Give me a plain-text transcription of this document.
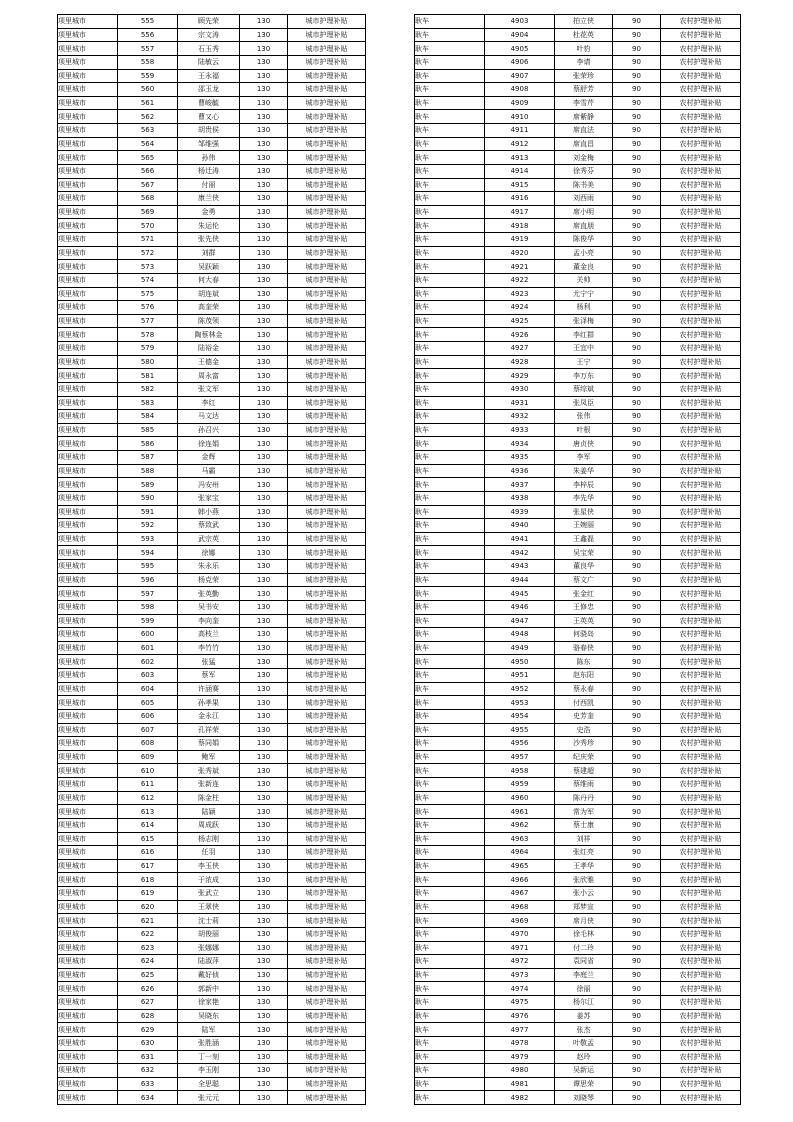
项里城市	555	顾先荣	130	城市护理补贴
项里城市	556	宗文涛	130	城市护理补贴
项里城市	557	石玉秀	130	城市护理补贴
项里城市	558	陆敏云	130	城市护理补贴
项里城市	559	王永福	130	城市护理补贴
项里城市	560	邵玉龙	130	城市护理补贴
项里城市	561	曹峻毓	130	城市护理补贴
项里城市	562	曹又心	130	城市护理补贴
项里城市	563	胡贵侯	130	城市护理补贴
项里城市	564	邹维强	130	城市护理补贴
项里城市	565	孙伟	130	城市护理补贴
项里城市	566	杨迁涛	130	城市护理补贴
项里城市	567	付丽	130	城市护理补贴
项里城市	568	康兰侠	130	城市护理补贴
项里城市	569	金勇	130	城市护理补贴
项里城市	570	朱运伦	130	城市护理补贴
项里城市	571	张先侠	130	城市护理补贴
项里城市	572	刘群	130	城市护理补贴
项里城市	573	吴跃颖	130	城市护理补贴
项里城市	574	何大春	130	城市护理补贴
项里城市	575	胡连斌	130	城市护理补贴
项里城市	576	高奎荣	130	城市护理补贴
项里城市	577	陈茂领	130	城市护理补贴
项里城市	578	陶蔡林金	130	城市护理补贴
项里城市	579	陆裕金	130	城市护理补贴
项里城市	580	王德金	130	城市护理补贴
项里城市	581	周永富	130	城市护理补贴
项里城市	582	张文军	130	城市护理补贴
项里城市	583	李红	130	城市护理补贴
项里城市	584	马文达	130	城市护理补贴
项里城市	585	孙召兴	130	城市护理补贴
项里城市	586	徐连娟	130	城市护理补贴
项里城市	587	金辉	130	城市护理补贴
项里城市	588	马霸	130	城市护理补贴
项里城市	589	冯安州	130	城市护理补贴
项里城市	590	张家宝	130	城市护理补贴
项里城市	591	韩小燕	130	城市护理补贴
项里城市	592	蔡致武	130	城市护理补贴
项里城市	593	武宗英	130	城市护理补贴
项里城市	594	徐娜	130	城市护理补贴
项里城市	595	朱永乐	130	城市护理补贴
项里城市	596	杨克荣	130	城市护理补贴
项里城市	597	张英勤	130	城市护理补贴
项里城市	598	吴书安	130	城市护理补贴
项里城市	599	李向奎	130	城市护理补贴
项里城市	600	高枝兰	130	城市护理补贴
项里城市	601	李竹竹	130	城市护理补贴
项里城市	602	张猛	130	城市护理补贴
项里城市	603	蔡军	130	城市护理补贴
项里城市	604	许涵赛	130	城市护理补贴
项里城市	605	孙孝果	130	城市护理补贴
项里城市	606	金永江	130	城市护理补贴
项里城市	607	孔祥荣	130	城市护理补贴
项里城市	608	蔡同娟	130	城市护理补贴
项里城市	609	鲍军	130	城市护理补贴
项里城市	610	张秀斌	130	城市护理补贴
项里城市	611	张新连	130	城市护理补贴
项里城市	612	陈金柱	130	城市护理补贴
项里城市	613	陆颖	130	城市护理补贴
项里城市	614	周成跃	130	城市护理补贴
项里城市	615	杨志刚	130	城市护理补贴
项里城市	616	任羽	130	城市护理补贴
项里城市	617	李玉侠	130	城市护理补贴
项里城市	618	于浓成	130	城市护理补贴
项里城市	619	张武立	130	城市护理补贴
项里城市	620	王翠侠	130	城市护理补贴
项里城市	621	沈士莉	130	城市护理补贴
项里城市	622	胡俊丽	130	城市护理补贴
项里城市	623	张娜娜	130	城市护理补贴
项里城市	624	陆淑萍	130	城市护理补贴
项里城市	625	戴好侦	130	城市护理补贴
项里城市	626	郭新中	130	城市护理补贴
项里城市	627	徐家艳	130	城市护理补贴
项里城市	628	吴晓东	130	城市护理补贴
项里城市	629	陆军	130	城市护理补贴
项里城市	630	张胜涵	130	城市护理补贴
项里城市	631	丁一刻	130	城市护理补贴
项里城市	632	李玉刚	130	城市护理补贴
项里城市	633	全思聪	130	城市护理补贴
项里城市	634	张元元	130	城市护理补贴
耿车	4903	拍立侠	90	农村护理补贴
耿车	4904	杜花英	90	农村护理补贴
耿车	4905	叶豹	90	农村护理补贴
耿车	4906	李请	90	农村护理补贴
耿车	4907	张荣珍	90	农村护理补贴
耿车	4908	蔡舒芳	90	农村护理补贴
耿车	4909	李雪芹	90	农村护理补贴
耿车	4910	席紫静	90	农村护理补贴
耿车	4911	席直法	90	农村护理补贴
耿车	4912	席直昌	90	农村护理补贴
耿车	4913	刘金梅	90	农村护理补贴
耿车	4914	徐秀芬	90	农村护理补贴
耿车	4915	陈书美	90	农村护理补贴
耿车	4916	刘西雨	90	农村护理补贴
耿车	4917	席小明	90	农村护理补贴
耿车	4918	席直朋	90	农村护理补贴
耿车	4919	陈俊华	90	农村护理补贴
耿车	4920	孟小亮	90	农村护理补贴
耿车	4921	董金良	90	农村护理补贴
耿车	4922	关帅	90	农村护理补贴
耿车	4923	尤宁宁	90	农村护理补贴
耿车	4924	杨利	90	农村护理补贴
耿车	4925	张泽梅	90	农村护理补贴
耿车	4926	李红群	90	农村护理补贴
耿车	4927	王宜中	90	农村护理补贴
耿车	4928	王宁	90	农村护理补贴
耿车	4929	李万东	90	农村护理补贴
耿车	4930	蔡综斌	90	农村护理补贴
耿车	4931	张凤臣	90	农村护理补贴
耿车	4932	张伟	90	农村护理补贴
耿车	4933	叶根	90	农村护理补贴
耿车	4934	唐贞侠	90	农村护理补贴
耿车	4935	李军	90	农村护理补贴
耿车	4936	朱姜华	90	农村护理补贴
耿车	4937	李梓辰	90	农村护理补贴
耿车	4938	李先华	90	农村护理补贴
耿车	4939	张星侠	90	农村护理补贴
耿车	4940	王婉丽	90	农村护理补贴
耿车	4941	王鑫磊	90	农村护理补贴
耿车	4942	吴宝荣	90	农村护理补贴
耿车	4943	董良华	90	农村护理补贴
耿车	4944	蔡文广	90	农村护理补贴
耿车	4945	张金红	90	农村护理补贴
耿车	4946	王修忠	90	农村护理补贴
耿车	4947	王英英	90	农村护理补贴
耿车	4948	何骁岛	90	农村护理补贴
耿车	4949	骆春侠	90	农村护理补贴
耿车	4950	陈东	90	农村护理补贴
耿车	4951	赵东阳	90	农村护理补贴
耿车	4952	蔡永春	90	农村护理补贴
耿车	4953	付西凯	90	农村护理补贴
耿车	4954	史芳奎	90	农村护理补贴
耿车	4955	史浩	90	农村护理补贴
耿车	4956	沙秀珍	90	农村护理补贴
耿车	4957	纪庆荣	90	农村护理补贴
耿车	4958	蔡建超	90	农村护理补贴
耿车	4959	蔡维雨	90	农村护理补贴
耿车	4960	陈丹丹	90	农村护理补贴
耿车	4961	常为军	90	农村护理补贴
耿车	4962	蔡士康	90	农村护理补贴
耿车	4963	刘祥	90	农村护理补贴
耿车	4964	张红亮	90	农村护理补贴
耿车	4965	王孝华	90	农村护理补贴
耿车	4966	张欣雅	90	农村护理补贴
耿车	4967	张小云	90	农村护理补贴
耿车	4968	郑梦宣	90	农村护理补贴
耿车	4969	席月侠	90	农村护理补贴
耿车	4970	徐毛林	90	农村护理补贴
耿车	4971	付二玲	90	农村护理补贴
耿车	4972	袁同省	90	农村护理补贴
耿车	4973	李庭兰	90	农村护理补贴
耿车	4974	徐丽	90	农村护理补贴
耿车	4975	杨尔江	90	农村护理补贴
耿车	4976	姜苏	90	农村护理补贴
耿车	4977	张杰	90	农村护理补贴
耿车	4978	叶敬孟	90	农村护理补贴
耿车	4979	赵玲	90	农村护理补贴
耿车	4980	吴新运	90	农村护理补贴
耿车	4981	谭思荣	90	农村护理补贴
耿车	4982	刘晓琴	90	农村护理补贴
